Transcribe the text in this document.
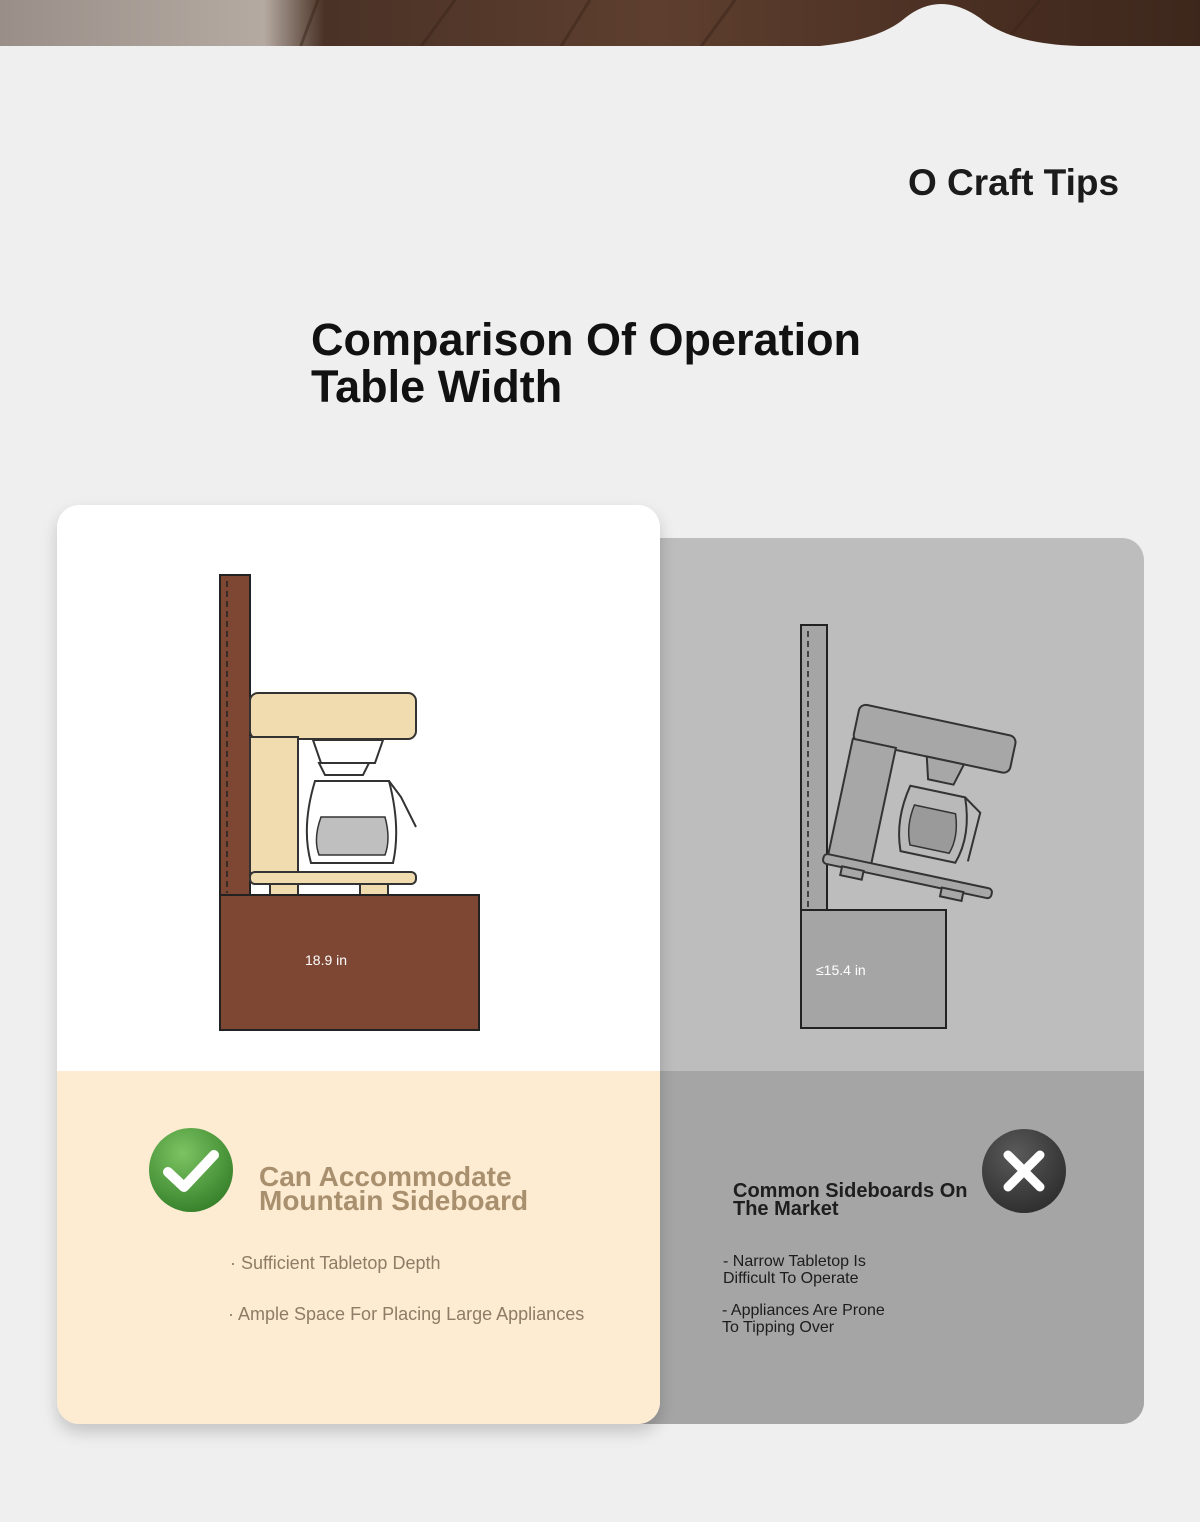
O Craft Tips
Comparison Of Operation
Table Width
≤15.4 in
18.9 in
Can Accommodate
Mountain Sideboard
· Sufficient Tabletop Depth
· Ample Space For Placing Large Appliances
Common Sideboards On
The Market
- Narrow Tabletop Is
Difficult To Operate
- Appliances Are Prone
To Tipping Over
